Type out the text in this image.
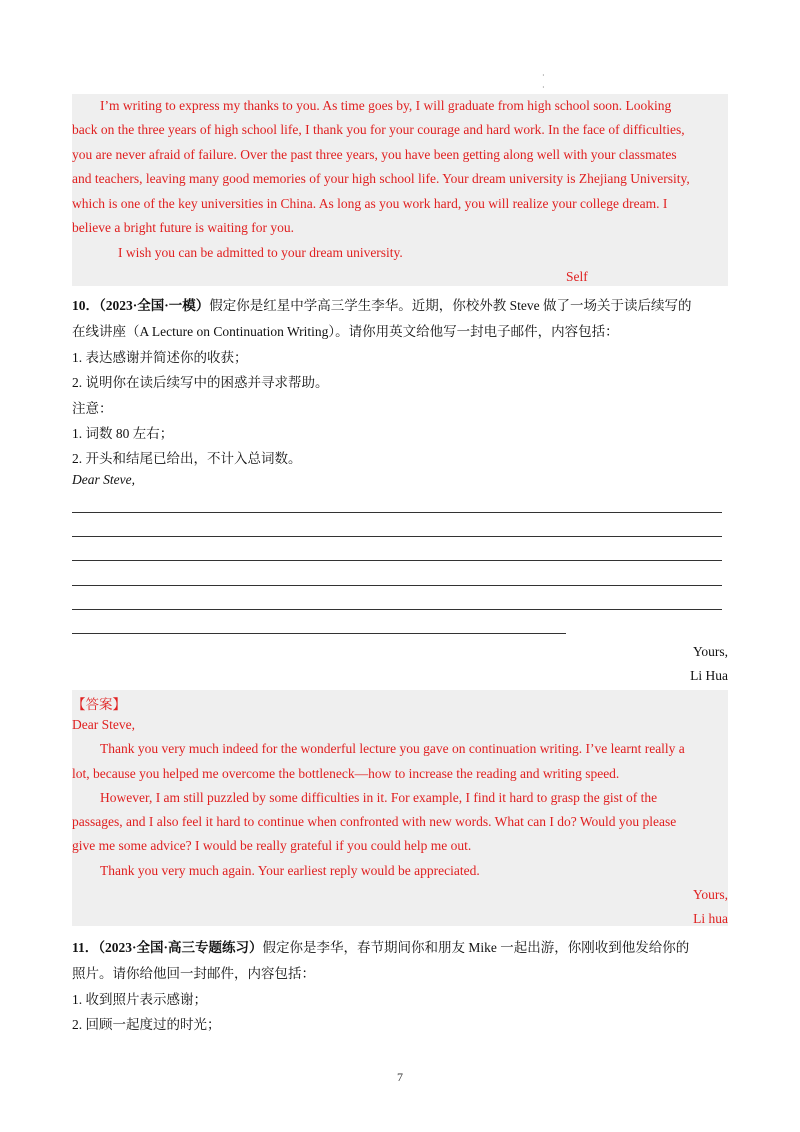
·
·
I’m writing to express my thanks to you. As time goes by, I will graduate from high school soon. Looking
back on the three years of high school life, I thank you for your courage and hard work. In the face of difficulties,
you are never afraid of failure. Over the past three years, you have been getting along well with your classmates
and teachers, leaving many good memories of your high school life. Your dream university is Zhejiang University,
which is one of the key universities in China. As long as you work hard, you will realize your college dream. I
believe a bright future is waiting for you.
I wish you can be admitted to your dream university.
Self
10．（2023·全国·一模）假定你是红星中学高三学生李华。近期，你校外教 Steve 做了一场关于读后续写的
在线讲座（A Lecture on Continuation Writing）。请你用英文给他写一封电子邮件，内容包括：
1. 表达感谢并简述你的收获；
2. 说明你在读后续写中的困惑并寻求帮助。
注意：
1. 词数 80 左右；
2. 开头和结尾已给出，不计入总词数。
Dear Steve,
Yours,
Li Hua
【答案】
Dear Steve,
Thank you very much indeed for the wonderful lecture you gave on continuation writing. I’ve learnt really a
lot, because you helped me overcome the bottleneck—how to increase the reading and writing speed.
However, I am still puzzled by some difficulties in it. For example, I find it hard to grasp the gist of the
passages, and I also feel it hard to continue when confronted with new words. What can I do? Would you please
give me some advice? I would be really grateful if you could help me out.
Thank you very much again. Your earliest reply would be appreciated.
Yours,
Li hua
11．（2023·全国·高三专题练习）假定你是李华，春节期间你和朋友 Mike 一起出游，你刚收到他发给你的
照片。请你给他回一封邮件，内容包括：
1. 收到照片表示感谢；
2. 回顾一起度过的时光；
7
